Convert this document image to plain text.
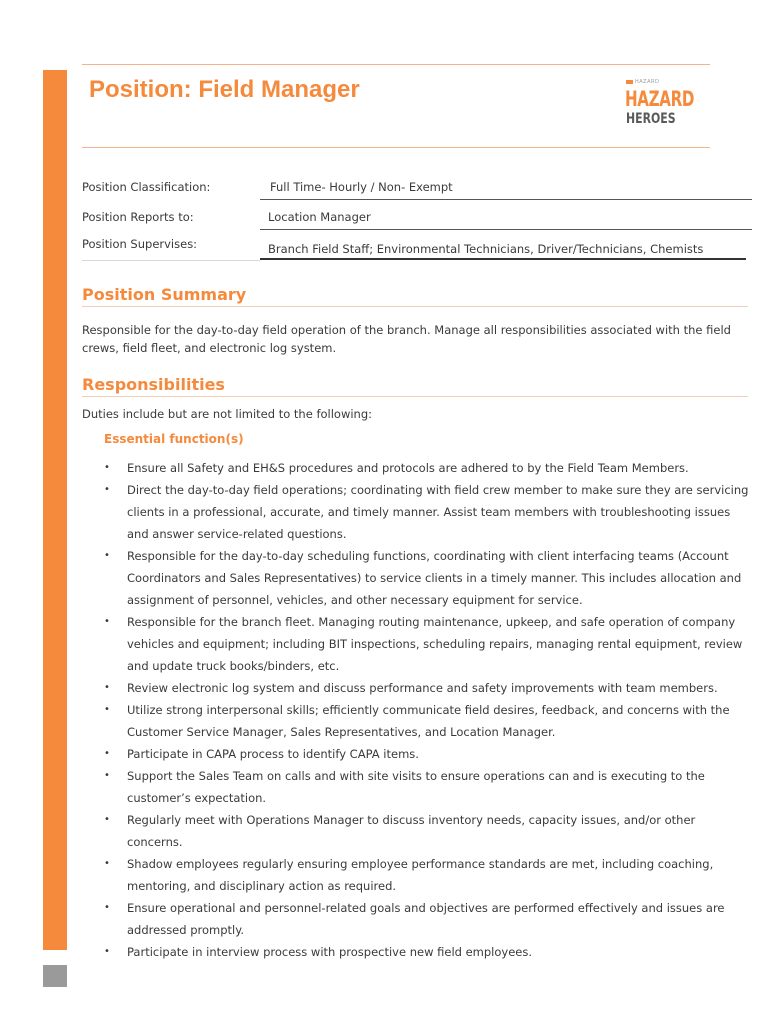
Position: Field Manager	HAZARD
HAZARD
HEROES
Position Classification:	Full Time- Hourly / Non- Exempt
Position Reports to:	Location Manager
Position Supervises:	Branch Field Staff; Environmental Technicians, Driver/Technicians, Chemists
Position Summary

Responsible for the day-to-day field operation of the branch. Manage all responsibilities associated with the field crews, field fleet, and electronic log system.

Responsibilities

Duties include but are not limited to the following:

Essential function(s)
• Ensure all Safety and EH&S procedures and protocols are adhered to by the Field Team Members.
• Direct the day-to-day field operations; coordinating with field crew member to make sure they are servicing clients in a professional, accurate, and timely manner. Assist team members with troubleshooting issues and answer service-related questions.
• Responsible for the day-to-day scheduling functions, coordinating with client interfacing teams (Account Coordinators and Sales Representatives) to service clients in a timely manner. This includes allocation and assignment of personnel, vehicles, and other necessary equipment for service.
• Responsible for the branch fleet. Managing routing maintenance, upkeep, and safe operation of company vehicles and equipment; including BIT inspections, scheduling repairs, managing rental equipment, review and update truck books/binders, etc.
• Review electronic log system and discuss performance and safety improvements with team members.
• Utilize strong interpersonal skills; efficiently communicate field desires, feedback, and concerns with the Customer Service Manager, Sales Representatives, and Location Manager.
• Participate in CAPA process to identify CAPA items.
• Support the Sales Team on calls and with site visits to ensure operations can and is executing to the customer’s expectation.
• Regularly meet with Operations Manager to discuss inventory needs, capacity issues, and/or other concerns.
• Shadow employees regularly ensuring employee performance standards are met, including coaching, mentoring, and disciplinary action as required.
• Ensure operational and personnel-related goals and objectives are performed effectively and issues are addressed promptly.
• Participate in interview process with prospective new field employees.
